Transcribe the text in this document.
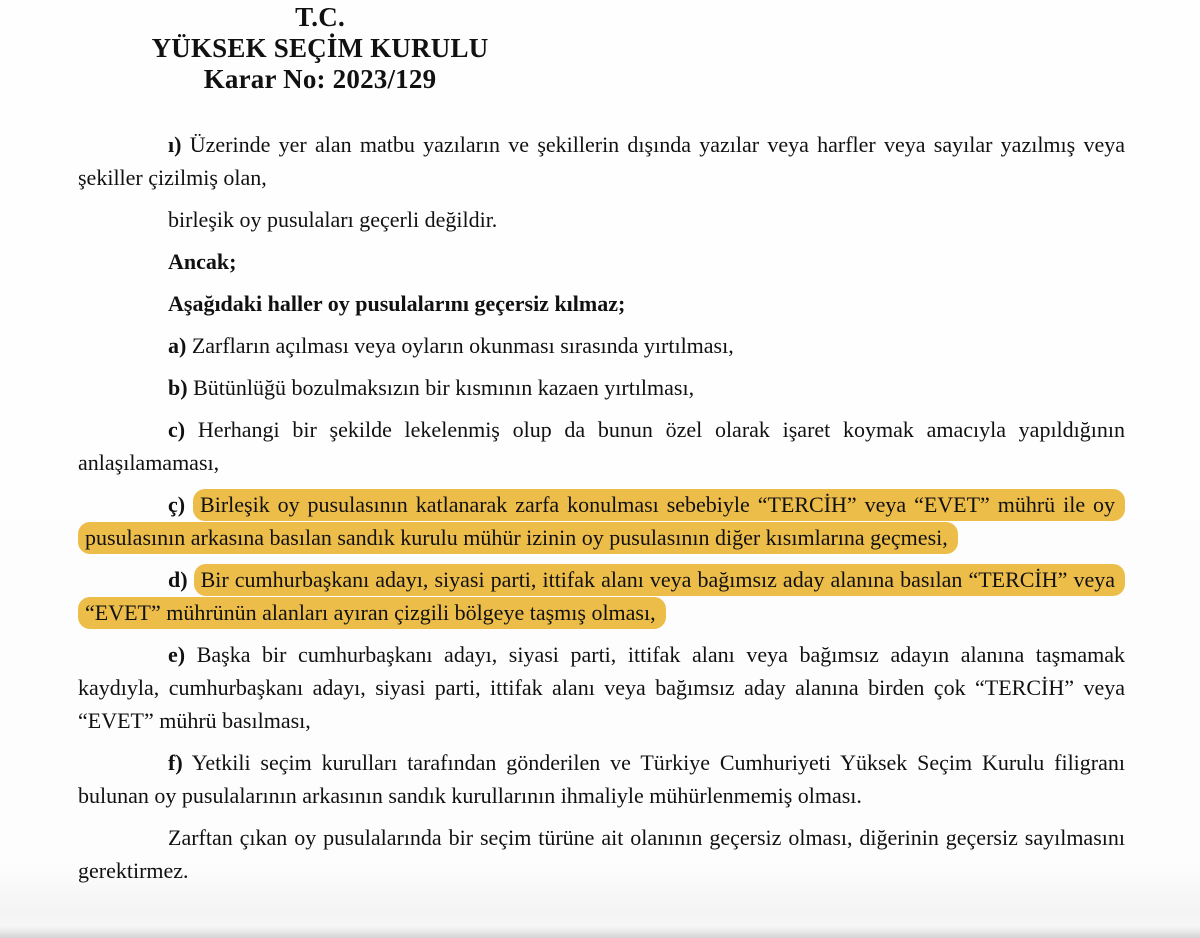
T.C.
YÜKSEK SEÇİM KURULU
Karar No: 2023/129

ı) Üzerinde yer alan matbu yazıların ve şekillerin dışında yazılar veya harfler veya sayılar yazılmış veya şekiller çizilmiş olan,

birleşik oy pusulaları geçerli değildir.

Ancak;

Aşağıdaki haller oy pusulalarını geçersiz kılmaz;

a) Zarfların açılması veya oyların okunması sırasında yırtılması,

b) Bütünlüğü bozulmaksızın bir kısmının kazaen yırtılması,

c) Herhangi bir şekilde lekelenmiş olup da bunun özel olarak işaret koymak amacıyla yapıldığının anlaşılamaması,

ç) Birleşik oy pusulasının katlanarak zarfa konulması sebebiyle “TERCİH” veya “EVET” mührü ile oy pusulasının arkasına basılan sandık kurulu mühür izinin oy pusulasının diğer kısımlarına geçmesi,

d) Bir cumhurbaşkanı adayı, siyasi parti, ittifak alanı veya bağımsız aday alanına basılan “TERCİH” veya “EVET” mührünün alanları ayıran çizgili bölgeye taşmış olması,

e) Başka bir cumhurbaşkanı adayı, siyasi parti, ittifak alanı veya bağımsız adayın alanına taşmamak kaydıyla, cumhurbaşkanı adayı, siyasi parti, ittifak alanı veya bağımsız aday alanına birden çok “TERCİH” veya “EVET” mührü basılması,

f) Yetkili seçim kurulları tarafından gönderilen ve Türkiye Cumhuriyeti Yüksek Seçim Kurulu filigranı bulunan oy pusulalarının arkasının sandık kurullarının ihmaliyle mühürlenmemiş olması.

Zarftan çıkan oy pusulalarında bir seçim türüne ait olanının geçersiz olması, diğerinin geçersiz sayılmasını gerektirmez.
